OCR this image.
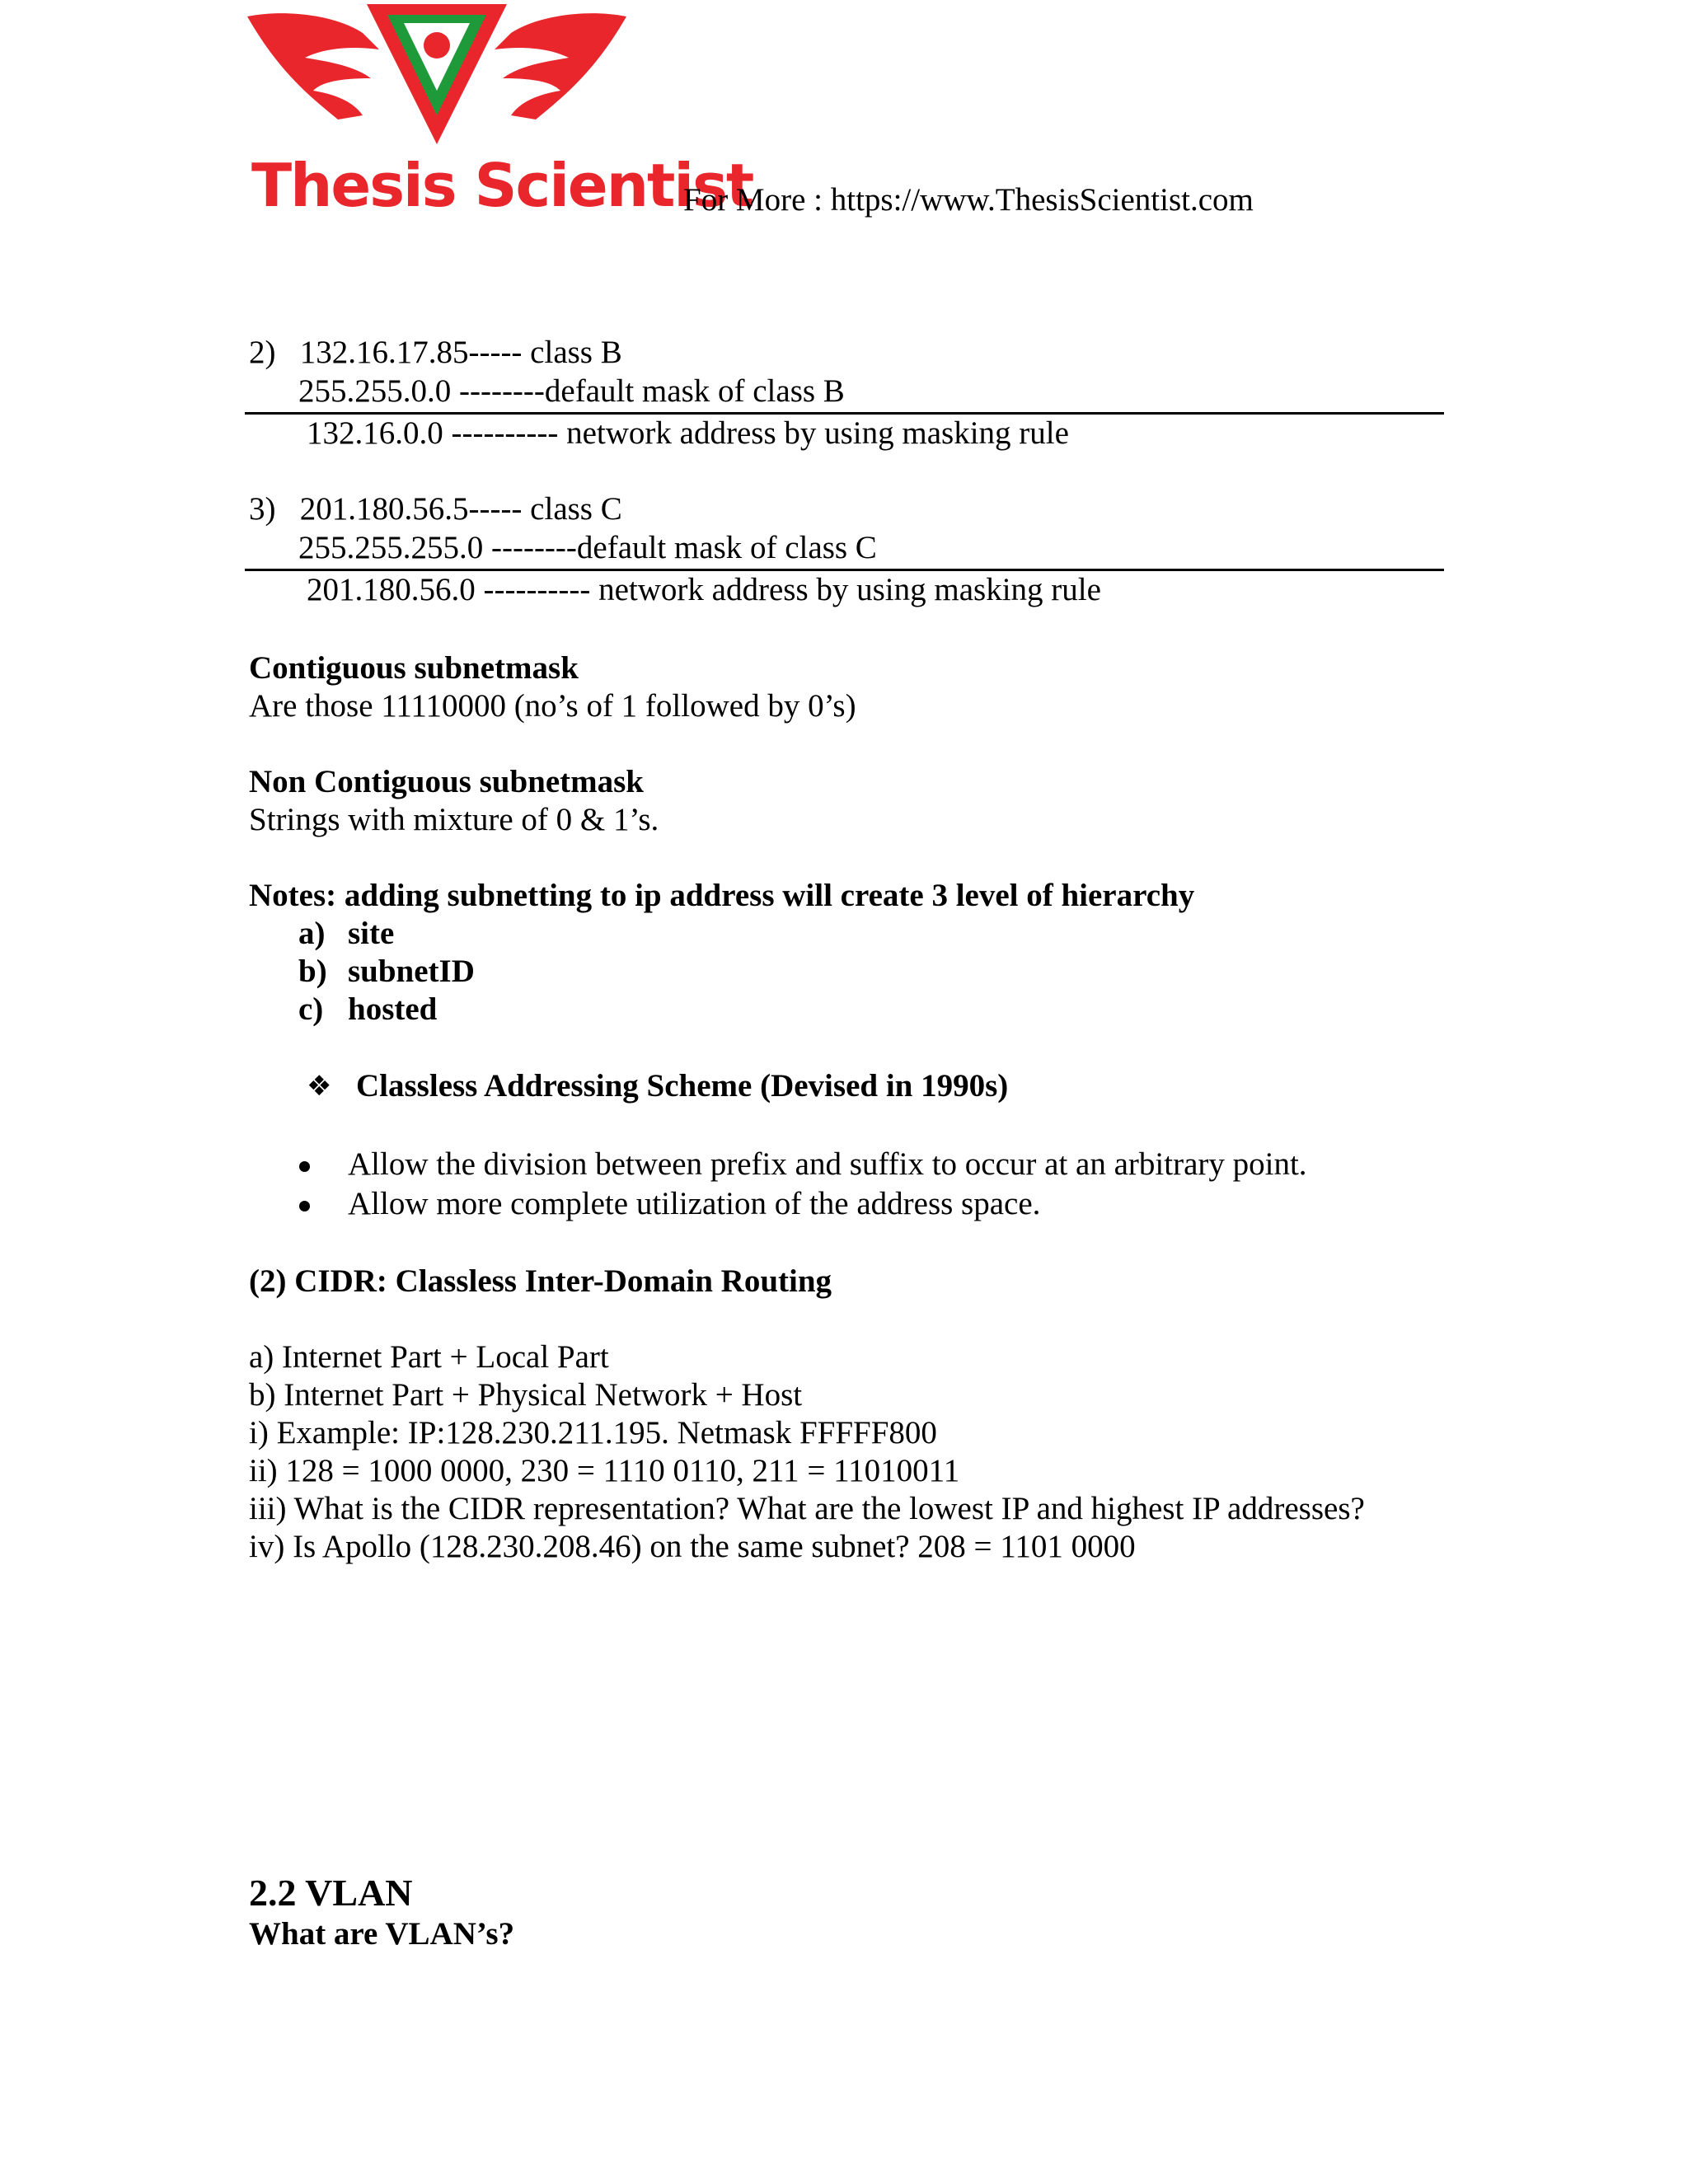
Thesis Scientist
For More : https://www.ThesisScientist.com
2)   132.16.17.85----- class B
255.255.0.0 --------default mask of class B
132.16.0.0 ---------- network address by using masking rule
3)   201.180.56.5----- class C
255.255.255.0 --------default mask of class C
201.180.56.0 ---------- network address by using masking rule
Contiguous subnetmask
Are those 11110000 (no’s of 1 followed by 0’s)
Non Contiguous subnetmask
Strings with mixture of 0 & 1’s.
Notes: adding subnetting to ip address will create 3 level of hierarchy
a) site
b) subnetID
c) hosted
❖ Classless Addressing Scheme (Devised in 1990s)
Allow the division between prefix and suffix to occur at an arbitrary point.
Allow more complete utilization of the address space.
(2) CIDR: Classless Inter-Domain Routing
a) Internet Part + Local Part
b) Internet Part + Physical Network + Host
i) Example: IP:128.230.211.195. Netmask FFFFF800
ii) 128 = 1000 0000, 230 = 1110 0110, 211 = 11010011
iii) What is the CIDR representation? What are the lowest IP and highest IP addresses?
iv) Is Apollo (128.230.208.46) on the same subnet? 208 = 1101 0000
2.2 VLAN
What are VLAN’s?
